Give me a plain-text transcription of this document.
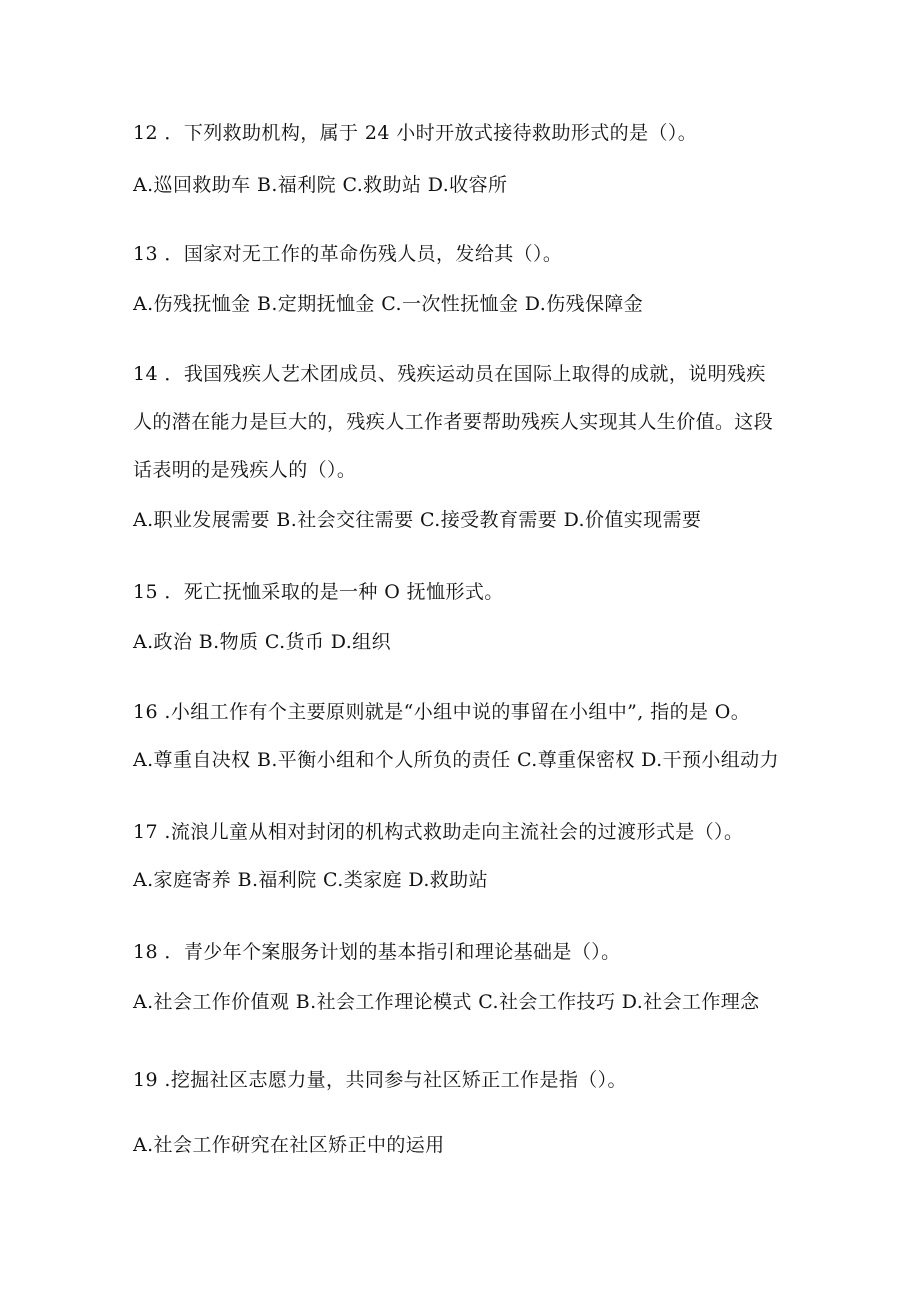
12 ．下列救助机构，属于 24 小时开放式接待救助形式的是（）。
A.巡回救助车 B.福利院 C.救助站 D.收容所
13 ．国家对无工作的革命伤残人员，发给其（）。
A.伤残抚恤金 B.定期抚恤金 C.一次性抚恤金 D.伤残保障金
14 ．我国残疾人艺术团成员、残疾运动员在国际上取得的成就，说明残疾
人的潜在能力是巨大的，残疾人工作者要帮助残疾人实现其人生价值。这段
话表明的是残疾人的（）。
A.职业发展需要 B.社会交往需要 C.接受教育需要 D.价值实现需要
15 ．死亡抚恤采取的是一种 O 抚恤形式。
A.政治 B.物质 C.货币 D.组织
16 .小组工作有个主要原则就是“小组中说的事留在小组中”, 指的是 O。
A.尊重自决权 B.平衡小组和个人所负的责任 C.尊重保密权 D.干预小组动力
17 .流浪儿童从相对封闭的机构式救助走向主流社会的过渡形式是（）。
A.家庭寄养 B.福利院 C.类家庭 D.救助站
18 ．青少年个案服务计划的基本指引和理论基础是（）。
A.社会工作价值观 B.社会工作理论模式 C.社会工作技巧 D.社会工作理念
19 .挖掘社区志愿力量，共同参与社区矫正工作是指（）。
A.社会工作研究在社区矫正中的运用
